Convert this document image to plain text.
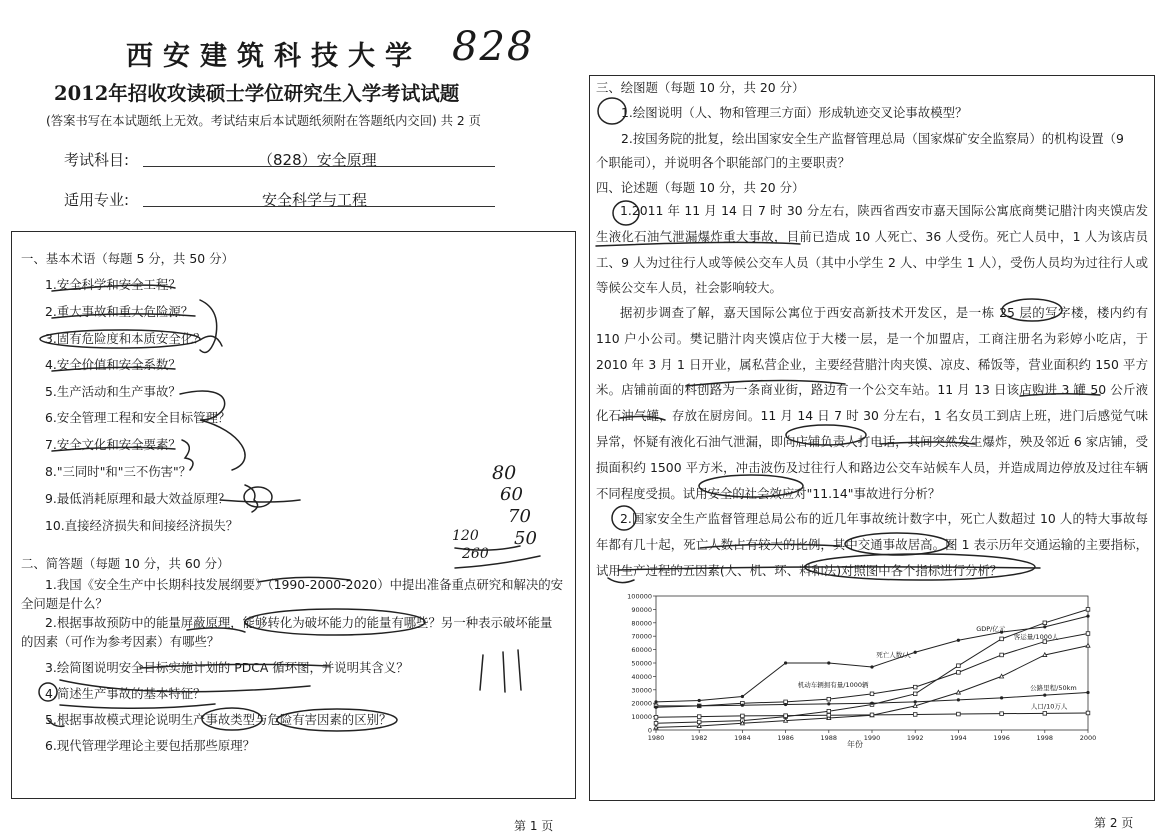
西安建筑科技大学 828
2012年招收攻读硕士学位研究生入学考试试题
(答案书写在本试题纸上无效。考试结束后本试题纸须附在答题纸内交回) 共 2 页
考试科目:	（828）安全原理
适用专业:	安全科学与工程
一、基本术语（每题 5 分，共 50 分）
1.安全科学和安全工程？
2.重大事故和重大危险源？
3.固有危险度和本质安全化？
4.安全价值和安全系数？
5.生产活动和生产事故？
6.安全管理工程和安全目标管理？
7.安全文化和安全要素？
8."三同时"和"三不伤害"？
9.最低消耗原理和最大效益原理？
10.直接经济损失和间接经济损失？
二、简答题（每题 10 分，共 60 分）
1.我国《安全生产中长期科技发展纲要》（1990-2000-2020）中提出准备重点研究和解决的安
全问题是什么？
2.根据事故预防中的能量屏蔽原理，能够转化为破坏能力的能量有哪些？另一种表示破坏能量
的因素（可作为参考因素）有哪些？
3.绘简图说明安全目标实施计划的 PDCA 循环图，并说明其含义？
4.简述生产事故的基本特征？
5.根据事故模式理论说明生产事故类型与危险有害因素的区别？
6.现代管理学理论主要包括那些原理？
第 1 页
80
60
70
50
120
260
三、绘图题（每题 10 分，共 20 分）
1.绘图说明（人、物和管理三方面）形成轨迹交叉论事故模型？
2.按国务院的批复，绘出国家安全生产监督管理总局（国家煤矿安全监察局）的机构设置（9
个职能司），并说明各个职能部门的主要职责？
四、论述题（每题 10 分，共 20 分）
1.2011 年 11 月 14 日 7 时 30 分左右，陕西省西安市嘉天国际公寓底商樊记腊汁肉夹馍店发生液化石油气泄漏爆炸重大事故，目前已造成 10 人死亡、36 人受伤。死亡人员中，1 人为该店员工、9 人为过往行人或等候公交车人员（其中小学生 2 人、中学生 1 人），受伤人员均为过往行人或等候公交车人员，社会影响较大。
据初步调查了解，嘉天国际公寓位于西安高新技术开发区，是一栋 25 层的写字楼，楼内约有 110 户小公司。樊记腊汁肉夹馍店位于大楼一层，是一个加盟店，工商注册名为彩婷小吃店，于 2010 年 3 月 1 日开业，属私营企业，主要经营腊汁肉夹馍、凉皮、稀饭等，营业面积约 150 平方米。店铺前面的科创路为一条商业街，路边有一个公交车站。11 月 13 日该店购进 3 罐 50 公斤液化石油气罐，存放在厨房间。11 月 14 日 7 时 30 分左右，1 名女员工到店上班，进门后感觉气味异常，怀疑有液化石油气泄漏，即向店铺负责人打电话，其间突然发生爆炸，殃及邻近 6 家店铺，受损面积约 1500 平方米，冲击波伤及过往行人和路边公交车站候车人员，并造成周边停放及过往车辆不同程度受损。试用安全的社会效应对"11.14"事故进行分析？
2.国家安全生产监督管理总局公布的近几年事故统计数字中，死亡人数超过 10 人的特大事故每年都有几十起，死亡人数占有较大的比例，其中交通事故居高。图 1 表示历年交通运输的主要指标，试用生产过程的五因素(人、机、环、料和法)对照图中各个指标进行分析？
0
10000
20000
30000
40000
50000
60000
70000
80000
90000
100000
1980	1982	1984	1986	1988	1990	1992	1994	1996	1998	2000
死亡人数/人
机动车辆拥有量/1000辆
GDP/亿元
客运量/1000人
公路里程/50km
人口/10万人
年份
第 2 页
